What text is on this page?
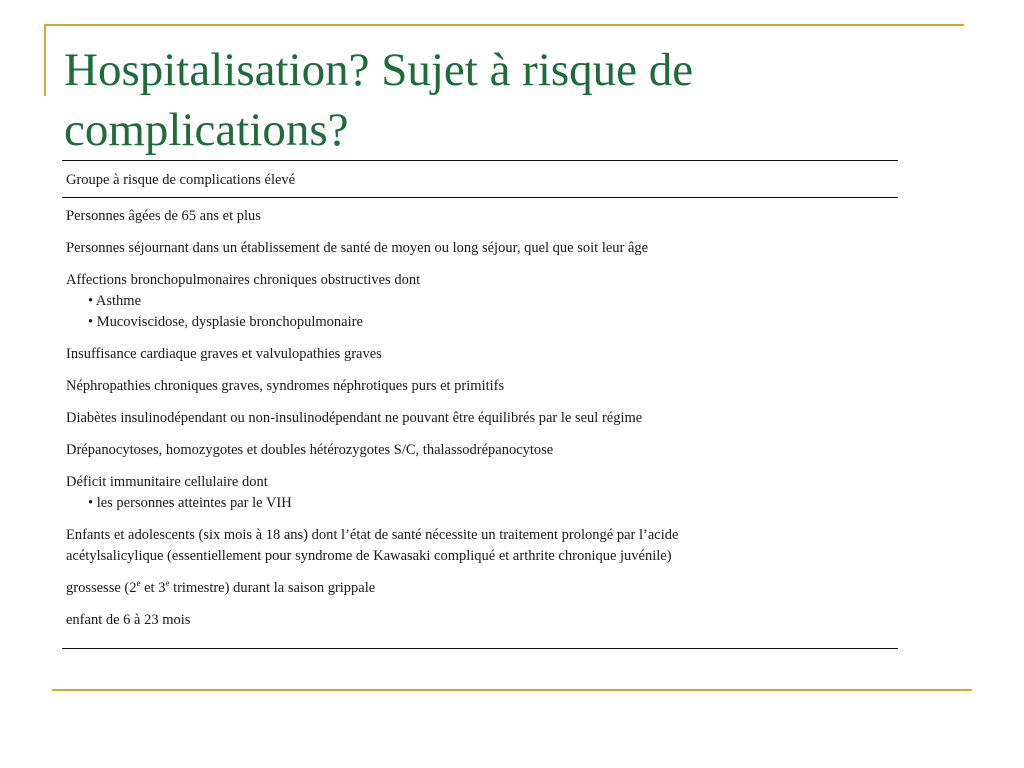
Hospitalisation? Sujet à risque de
complications?
Groupe à risque de complications élevé
Personnes âgées de 65 ans et plus
Personnes séjournant dans un établissement de santé de moyen ou long séjour, quel que soit leur âge
Affections bronchopulmonaires chroniques obstructives dont
• Asthme
• Mucoviscidose, dysplasie bronchopulmonaire
Insuffisance cardiaque graves et valvulopathies graves
Néphropathies chroniques graves, syndromes néphrotiques purs et primitifs
Diabètes insulinodépendant ou non-insulinodépendant ne pouvant être équilibrés par le seul régime
Drépanocytoses, homozygotes et doubles hétérozygotes S/C, thalassodrépanocytose
Déficit immunitaire cellulaire dont
• les personnes atteintes par le VIH
Enfants et adolescents (six mois à 18 ans) dont l’état de santé nécessite un traitement prolongé par l’acide
acétylsalicylique (essentiellement pour syndrome de Kawasaki compliqué et arthrite chronique juvénile)
grossesse (2e et 3e trimestre) durant la saison grippale
enfant de 6 à 23 mois
